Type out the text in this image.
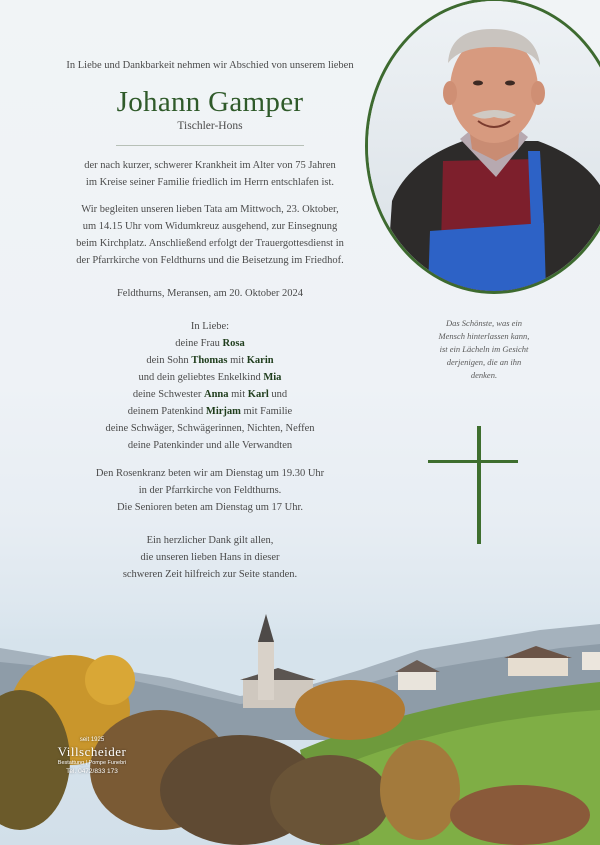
In Liebe und Dankbarkeit nehmen wir Abschied von unserem lieben
Johann Gamper
Tischler-Hons
der nach kurzer, schwerer Krankheit im Alter von 75 Jahren
im Kreise seiner Familie friedlich im Herrn entschlafen ist.
Wir begleiten unseren lieben Tata am Mittwoch, 23. Oktober,
um 14.15 Uhr vom Widumkreuz ausgehend, zur Einsegnung
beim Kirchplatz. Anschließend erfolgt der Trauergottesdienst in
der Pfarrkirche von Feldthurns und die Beisetzung im Friedhof.
Feldthurns, Meransen, am 20. Oktober 2024
In Liebe:
deine Frau Rosa
dein Sohn Thomas mit Karin
und dein geliebtes Enkelkind Mia
deine Schwester Anna mit Karl und
deinem Patenkind Mirjam mit Familie
deine Schwäger, Schwägerinnen, Nichten, Neffen
deine Patenkinder und alle Verwandten
Den Rosenkranz beten wir am Dienstag um 19.30 Uhr
in der Pfarrkirche von Feldthurns.
Die Senioren beten am Dienstag um 17 Uhr.
Ein herzlicher Dank gilt allen,
die unseren lieben Hans in dieser
schweren Zeit hilfreich zur Seite standen.
Das Schönste, was ein
Mensch hinterlassen kann,
ist ein Lächeln im Gesicht
derjenigen, die an ihn
denken.
seit 1925
Villscheider
Bestattung | Pompe Funebri
Tel. 0472/833 173
